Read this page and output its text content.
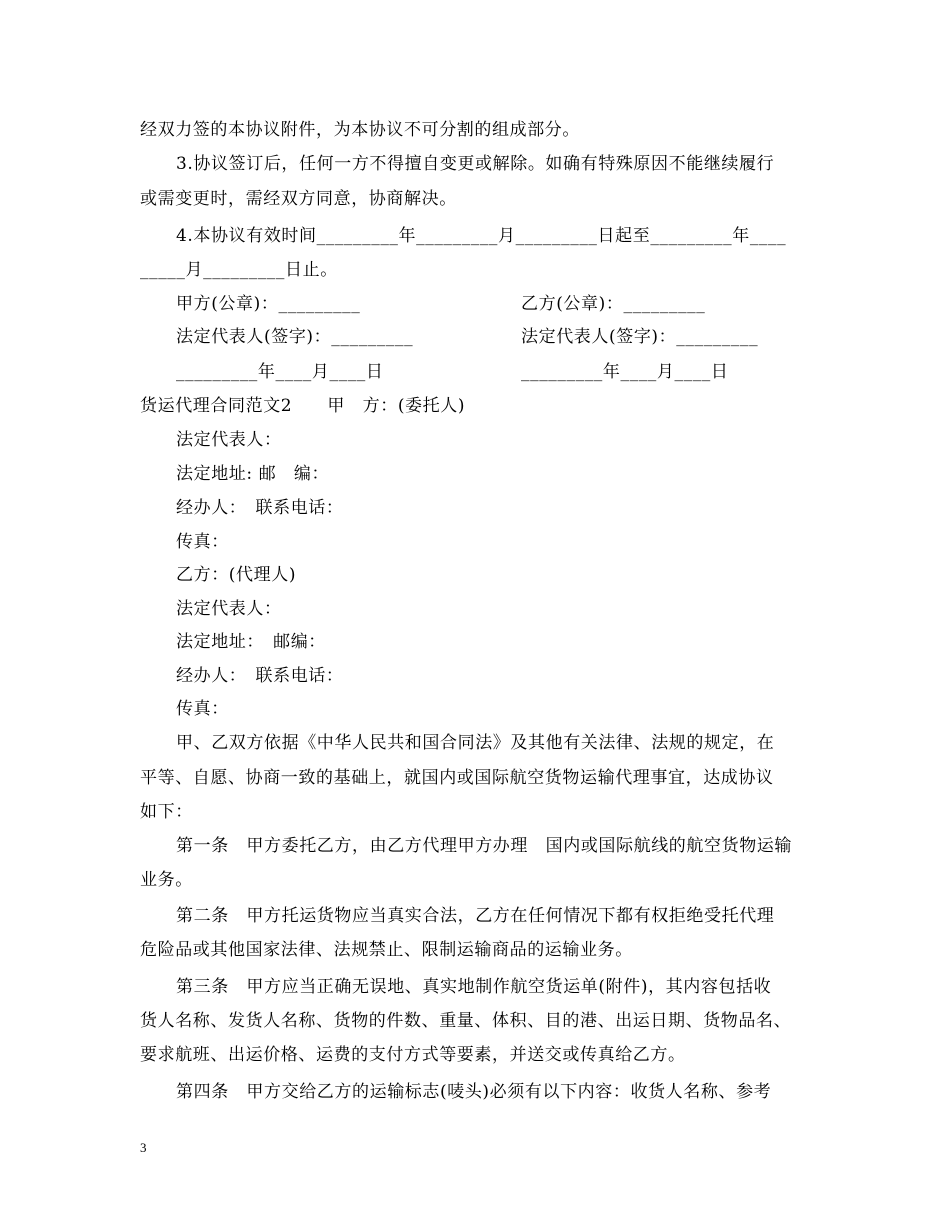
经双力签的本协议附件，为本协议不可分割的组成部分。
3.协议签订后，任何一方不得擅自变更或解除。如确有特殊原因不能继续履行
或需变更时，需经双方同意，协商解决。
4.本协议有效时间_________年_________月_________日起至_________年____
_____月_________日止。
甲方(公章)：_________	乙方(公章)：_________
法定代表人(签字)：_________	法定代表人(签字)：_________
_________年____月____日	_________年____月____日
货运代理合同范文2　　甲　方：(委托人)
法定代表人：
法定地址: 邮　编：
经办人：　联系电话：
传真：
乙方：(代理人)
法定代表人：
法定地址：　邮编：
经办人：　联系电话：
传真：
甲、乙双方依据《中华人民共和国合同法》及其他有关法律、法规的规定，在
平等、自愿、协商一致的基础上，就国内或国际航空货物运输代理事宜，达成协议
如下：
第一条　甲方委托乙方，由乙方代理甲方办理　国内或国际航线的航空货物运输
业务。
第二条　甲方托运货物应当真实合法，乙方在任何情况下都有权拒绝受托代理
危险品或其他国家法律、法规禁止、限制运输商品的运输业务。
第三条　甲方应当正确无误地、真实地制作航空货运单(附件)，其内容包括收
货人名称、发货人名称、货物的件数、重量、体积、目的港、出运日期、货物品名、
要求航班、出运价格、运费的支付方式等要素，并送交或传真给乙方。
第四条　甲方交给乙方的运输标志(唛头)必须有以下内容：收货人名称、参考
3
